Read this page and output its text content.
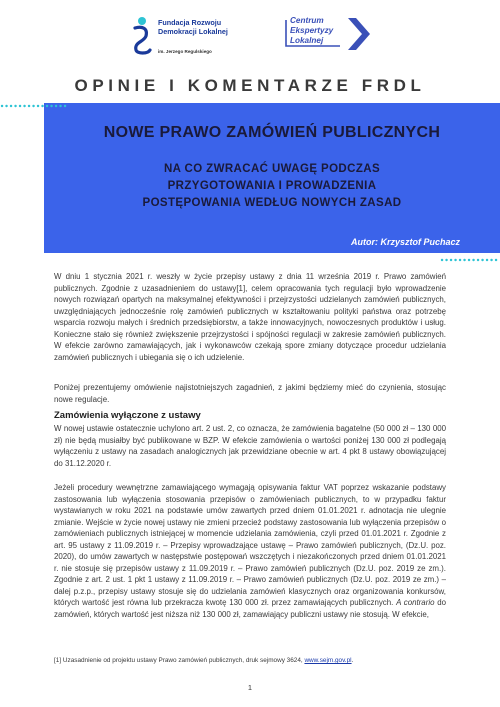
Fundacja Rozwoju
Demokracji Lokalnej
im. Jerzego Regulskiego
Centrum
Eksperty​zy
Lokalnej
OPINIE I KOMENTARZE FRDL
NOWE PRAWO ZAMÓWIEŃ PUBLICZNYCH
NA CO ZWRACAĆ UWAGĘ PODCZAS
PRZYGOTOWANIA I PROWADZENIA
POSTĘPOWANIA WEDŁUG NOWYCH ZASAD
Autor: Krzysztof Puchacz
W dniu 1 stycznia 2021 r. weszły w życie przepisy ustawy z dnia 11 września 2019 r. Prawo zamówień publicznych. Zgodnie z uzasadnieniem do ustawy[1], celem opracowania tych regulacji było wprowadzenie nowych rozwiązań opartych na maksymalnej efektywności i przejrzystości udzielanych zamówień publicznych, uwzględniających jednocześnie rolę zamówień publicznych w kształtowaniu polityki państwa oraz potrzebę wsparcia rozwoju małych i średnich przedsiębiorstw, a także innowacyjnych, nowoczesnych produktów i usług. Konieczne stało się również zwiększenie przejrzystości i spójności regulacji w zakresie zamówień publicznych. W efekcie zarówno zamawiających, jak i wykonawców czekają spore zmiany dotyczące procedur udzielania zamówień publicznych i ubiegania się o ich udzielenie.
Poniżej prezentujemy omówienie najistotniejszych zagadnień, z jakimi będziemy mieć do czynienia, stosując nowe regulacje.
Zamówienia wyłączone z ustawy
W nowej ustawie ostatecznie uchylono art. 2 ust. 2, co oznacza, że zamówienia bagatelne (50 000 zł – 130 000 zł) nie będą musiałby być publikowane w BZP. W efekcie zamówienia o wartości poniżej 130 000 zł podlegają wyłączeniu z ustawy na zasadach analogicznych jak przewidziane obecnie w art. 4 pkt 8 ustawy obowiązującej do 31.12.2020 r.
Jeżeli procedury wewnętrzne zamawiającego wymagają opisywania faktur VAT poprzez wskazanie podstawy zastosowania lub wyłączenia stosowania przepisów o zamówieniach publicznych, to w przypadku faktur wystawianych w roku 2021 na podstawie umów zawartych przed dniem 01.01.2021 r. adnotacja nie ulegnie zmianie. Wejście w życie nowej ustawy nie zmieni przecież podstawy zastosowania lub wyłączenia przepisów o zamówieniach publicznych istniejącej w momencie udzielania zamówienia, czyli przed 01.01.2021 r. Zgodnie z art. 95 ustawy z 11.09.2019 r. – Przepisy wprowadzające ustawę – Prawo zamówień publicznych, (Dz.U. poz. 2020), do umów zawartych w następstwie postępowań wszczętych i niezakończonych przed dniem 01.01.2021 r. nie stosuje się przepisów ustawy z 11.09.2019 r. – Prawo zamówień publicznych (Dz.U. poz. 2019 ze zm.). Zgodnie z art. 2 ust. 1 pkt 1 ustawy z 11.09.2019 r. – Prawo zamówień publicznych (Dz.U. poz. 2019 ze zm.) – dalej p.z.p., przepisy ustawy stosuje się do udzielania zamówień klasycznych oraz organizowania konkursów, których wartość jest równa lub przekracza kwotę 130 000 zł. przez zamawiających publicznych. A contrario do zamówień, których wartość jest niższa niż 130 000 zł, zamawiający publiczni ustawy nie stosują. W efekcie,
[1] Uzasadnienie od projektu ustawy Prawo zamówień publicznych, druk sejmowy 3624, www.sejm.gov.pl.
1
